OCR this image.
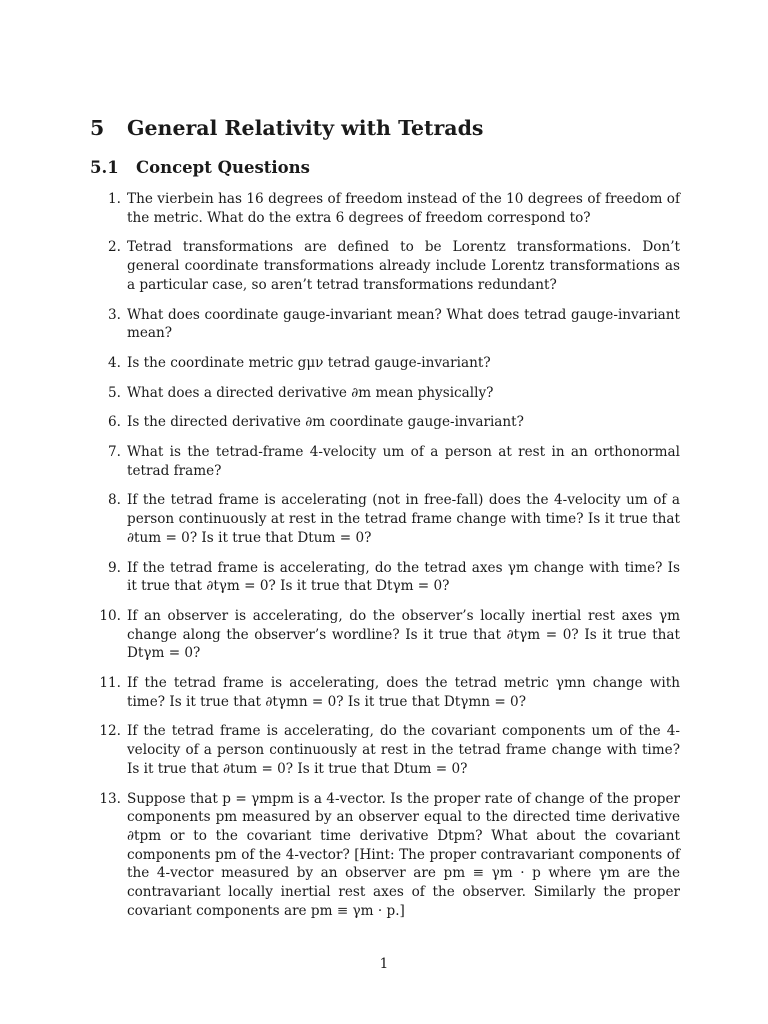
5 General Relativity with Tetrads
5.1 Concept Questions
1. The vierbein has 16 degrees of freedom instead of the 10 degrees of freedom of the metric. What do the extra 6 degrees of freedom correspond to?
2. Tetrad transformations are defined to be Lorentz transformations. Don’t general coordinate transformations already include Lorentz transformations as a particular case, so aren’t tetrad transformations redundant?
3. What does coordinate gauge-invariant mean? What does tetrad gauge-invariant mean?
4. Is the coordinate metric gμν tetrad gauge-invariant?
5. What does a directed derivative ∂m mean physically?
6. Is the directed derivative ∂m coordinate gauge-invariant?
7. What is the tetrad-frame 4-velocity um of a person at rest in an orthonormal tetrad frame?
8. If the tetrad frame is accelerating (not in free-fall) does the 4-velocity um of a person continuously at rest in the tetrad frame change with time? Is it true that ∂tum = 0? Is it true that Dtum = 0?
9. If the tetrad frame is accelerating, do the tetrad axes γm change with time? Is it true that ∂tγm = 0? Is it true that Dtγm = 0?
10. If an observer is accelerating, do the observer’s locally inertial rest axes γm change along the observer’s wordline? Is it true that ∂tγm = 0? Is it true that Dtγm = 0?
11. If the tetrad frame is accelerating, does the tetrad metric γmn change with time? Is it true that ∂tγmn = 0? Is it true that Dtγmn = 0?
12. If the tetrad frame is accelerating, do the covariant components um of the 4-velocity of a person continuously at rest in the tetrad frame change with time? Is it true that ∂tum = 0? Is it true that Dtum = 0?
13. Suppose that p = γmpm is a 4-vector. Is the proper rate of change of the proper components pm measured by an observer equal to the directed time derivative ∂tpm or to the covariant time derivative Dtpm? What about the covariant components pm of the 4-vector? [Hint: The proper contravariant components of the 4-vector measured by an observer are pm ≡ γm · p where γm are the contravariant locally inertial rest axes of the observer. Similarly the proper covariant components are pm ≡ γm · p.]
1
